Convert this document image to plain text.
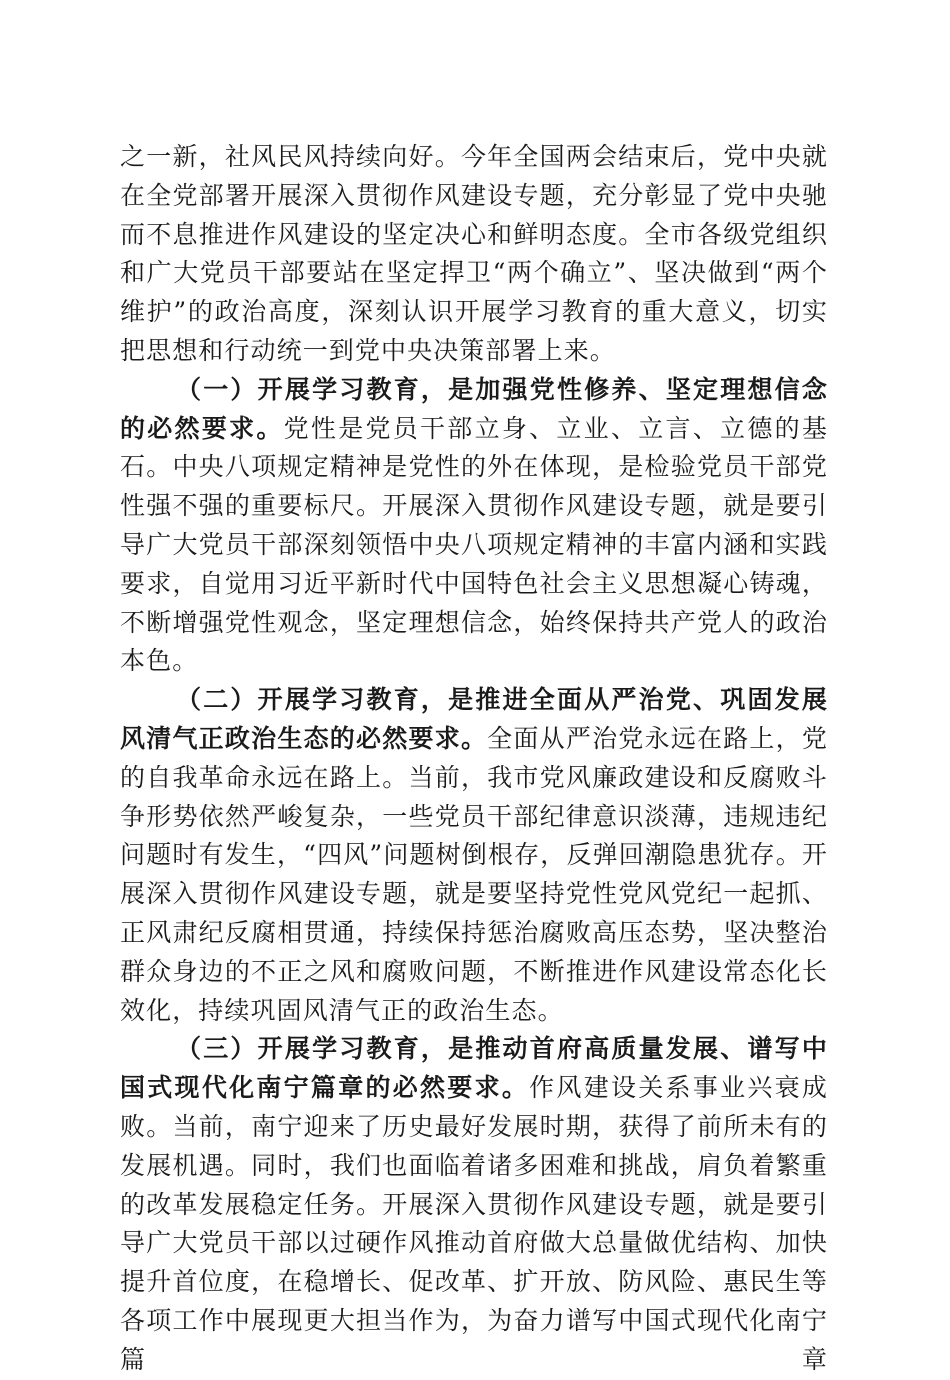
之一新，社风民风持续向好。今年全国两会结束后，党中央就在全党部署开展深入贯彻作风建设专题，充分彰显了党中央驰而不息推进作风建设的坚定决心和鲜明态度。全市各级党组织和广大党员干部要站在坚定捍卫“两个确立”、坚决做到“两个维护”的政治高度，深刻认识开展学习教育的重大意义，切实把思想和行动统一到党中央决策部署上来。

（一）开展学习教育，是加强党性修养、坚定理想信念的必然要求。党性是党员干部立身、立业、立言、立德的基石。中央八项规定精神是党性的外在体现，是检验党员干部党性强不强的重要标尺。开展深入贯彻作风建设专题，就是要引导广大党员干部深刻领悟中央八项规定精神的丰富内涵和实践要求，自觉用习近平新时代中国特色社会主义思想凝心铸魂，不断增强党性观念，坚定理想信念，始终保持共产党人的政治本色。

（二）开展学习教育，是推进全面从严治党、巩固发展风清气正政治生态的必然要求。全面从严治党永远在路上，党的自我革命永远在路上。当前，我市党风廉政建设和反腐败斗争形势依然严峻复杂，一些党员干部纪律意识淡薄，违规违纪问题时有发生，“四风”问题树倒根存，反弹回潮隐患犹存。开展深入贯彻作风建设专题，就是要坚持党性党风党纪一起抓、正风肃纪反腐相贯通，持续保持惩治腐败高压态势，坚决整治群众身边的不正之风和腐败问题，不断推进作风建设常态化长效化，持续巩固风清气正的政治生态。

（三）开展学习教育，是推动首府高质量发展、谱写中国式现代化南宁篇章的必然要求。作风建设关系事业兴衰成败。当前，南宁迎来了历史最好发展时期，获得了前所未有的发展机遇。同时，我们也面临着诸多困难和挑战，肩负着繁重的改革发展稳定任务。开展深入贯彻作风建设专题，就是要引导广大党员干部以过硬作风推动首府做大总量做优结构、加快提升首位度，在稳增长、促改革、扩开放、防风险、惠民生等各项工作中展现更大担当作为，为奋力谱写中国式现代化南宁篇章
